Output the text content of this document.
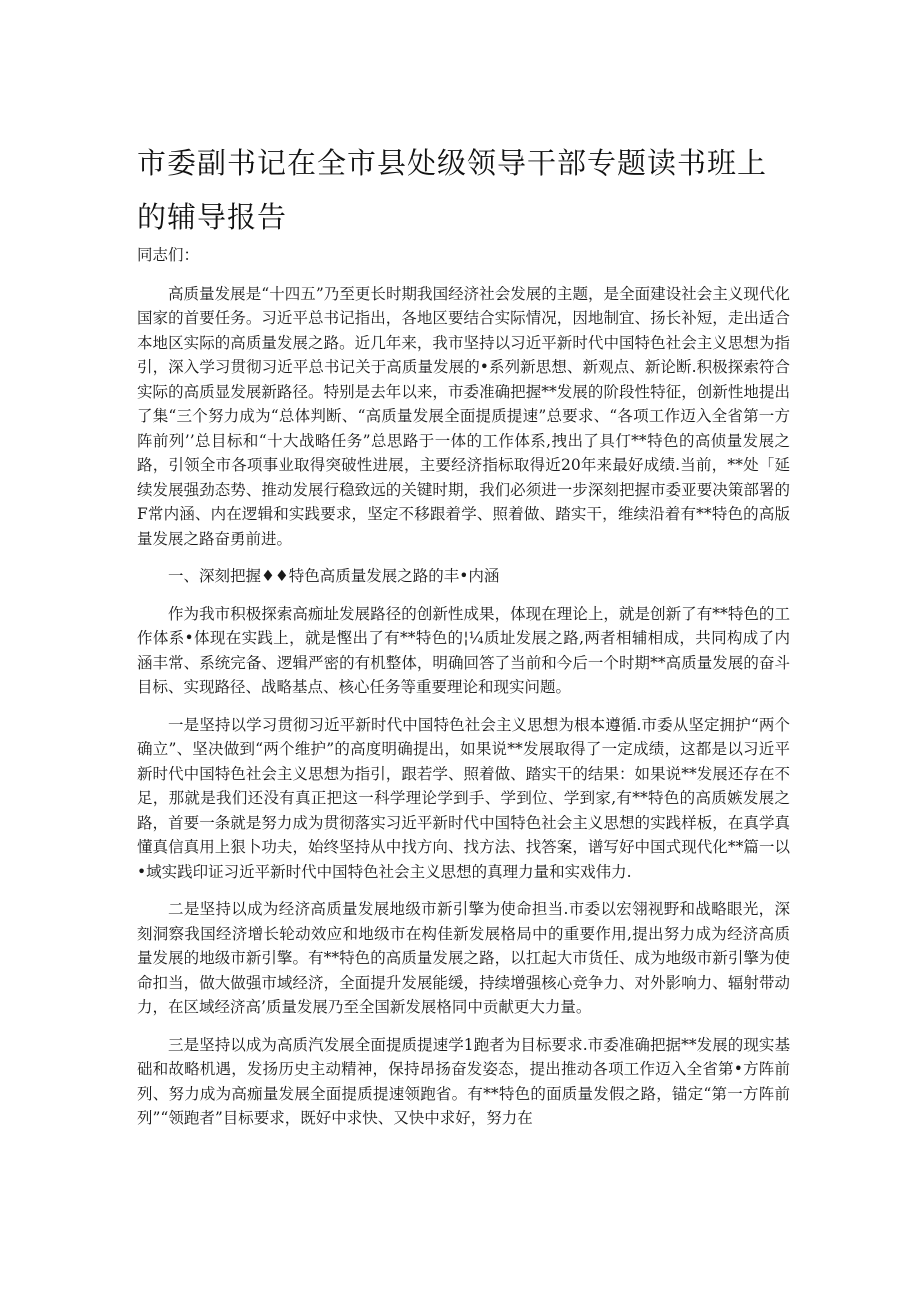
市委副书记在全市县处级领导干部专题读书班上的辅导报告

同志们：

高质量发展是“十四五”乃至更长时期我国经济社会发展的主题，是全面建设社会主义现代化国家的首要任务。习近平总书记指出，各地区要结合实际情况，因地制宜、扬长补短，走出适合本地区实际的高质量发展之路。近几年来，我市坚持以习近平新时代中国特色社会主义思想为指引，深入学习贯彻习近平总书记关于高质量发展的•系列新思想、新观点、新论断.积极探索符合实际的高质显发展新路径。特别是去年以来，市委准确把握**发展的阶段性特征，创新性地提出了集“三个努力成为“总体判断、“高质量发展全面提质提速”总要求、“各项工作迈入全省第一方阵前列’’总目标和“十大战略任务”总思路于一体的工作体系,拽出了具仃**特色的高侦量发展之路，引领全市各项事业取得突破性进展，主要经济指标取得近20年来最好成绩.当前，**处「延续发展强劲态势、推动发展行稳致远的关键时期，我们必须进一步深刻把握市委亚要决策部署的F常内涵、内在逻辑和实践要求，坚定不移跟着学、照着做、踏实干，维续沿着有**特色的高版量发展之路奋勇前进。

一、深刻把握♦♦特色高质量发展之路的丰•内涵

作为我市积极探索高痂址发展路径的创新性成果，体现在理论上，就是创新了有**特色的工作体系•体现在实践上，就是慳出了有**特色的¦¼质址发展之路,两者相辅相成，共同构成了内涵丰常、系统完备、逻辑严密的有机整体，明确回答了当前和今后一个时期**高质量发展的奋斗目标、实现路径、战略基点、核心任务等重要理论和现实问题。

一是坚持以学习贯彻习近平新时代中国特色社会主义思想为根本遵循.市委从坚定拥护“两个确立”、坚决做到“两个维护”的高度明确提出，如果说**发展取得了一定成绩，这都是以习近平新时代中国特色社会主义思想为指引，跟若学、照着做、踏实干的结果：如果说**发展还存在不足，那就是我们还没有真正把这一科学理论学到手、学到位、学到家,有**特色的高质嫉发展之路，首要一条就是努力成为贯彻落实习近平新时代中国特色社会主义思想的实践样板，在真学真懂真信真用上狠卜功夫，始终坚持从中找方向、找方法、找答案，谱写好中国式现代化**篇一以•域实践印证习近平新时代中国特色社会主义思想的真理力量和实戏伟力.

二是坚持以成为经济高质量发展地级市新引擎为使命担当.市委以宏翎视野和战略眼光，深刻洞察我国经济增长轮动效应和地级市在构佳新发展格局中的重要作用,提出努力成为经济高质量发展的地级市新引擎。有**特色的高质量发展之路，以扛起大市货任、成为地级市新引擎为使命扣当，做大做强市域经济，全面提升发展能缓，持续增强核心竞争力、对外影响力、辐射带动力，在区域经济高’质量发展乃至全国新发展格同中贡献更大力量。

三是坚持以成为高质汽发展全面提质提速学1跑者为目标要求.市委准确把据**发展的现实基础和故略机遇，发扬历史主动精神，保持昂扬奋发姿态，提出推动各项工作迈入全省第•方阵前列、努力成为高痂量发展全面提质提速领跑省。有**特色的面质量发假之路，锚定“第一方阵前列”“领跑者”目标要求，既好中求快、又快中求好，努力在
